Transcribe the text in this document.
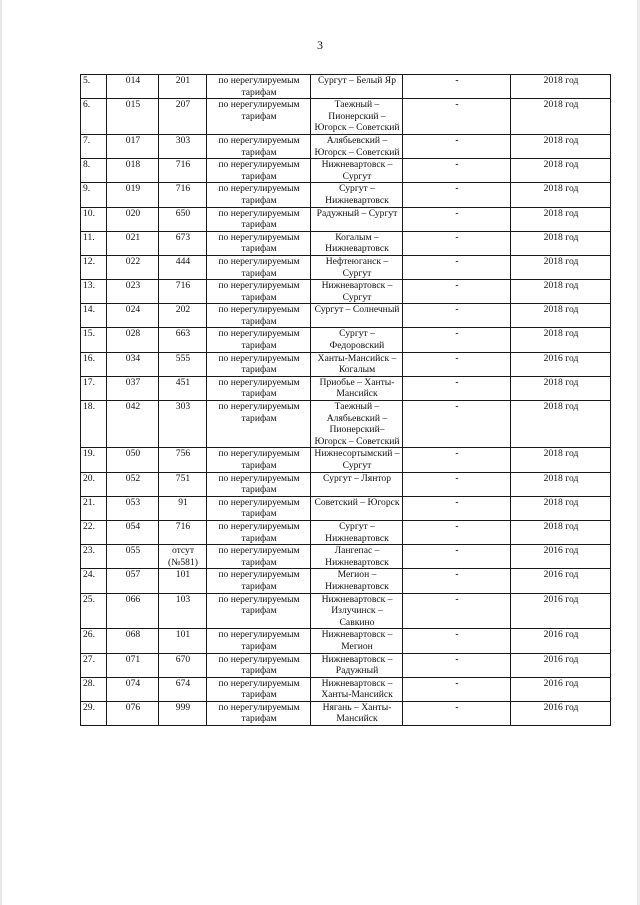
3
5.	014	201	по нерегулируемым тарифам	Сургут – Белый Яр	-	2018 год
6.	015	207	по нерегулируемым тарифам	Таежный – Пионерский – Югорск – Советский	-	2018 год
7.	017	303	по нерегулируемым тарифам	Алябьевский – Югорск – Советский	-	2018 год
8.	018	716	по нерегулируемым тарифам	Нижневартовск – Сургут	-	2018 год
9.	019	716	по нерегулируемым тарифам	Сургут – Нижневартовск	-	2018 год
10.	020	650	по нерегулируемым тарифам	Радужный – Сургут	-	2018 год
11.	021	673	по нерегулируемым тарифам	Когалым – Нижневартовск	-	2018 год
12.	022	444	по нерегулируемым тарифам	Нефтеюганск – Сургут	-	2018 год
13.	023	716	по нерегулируемым тарифам	Нижневартовск – Сургут	-	2018 год
14.	024	202	по нерегулируемым тарифам	Сургут – Солнечный	-	2018 год
15.	028	663	по нерегулируемым тарифам	Сургут – Федоровский	-	2018 год
16.	034	555	по нерегулируемым тарифам	Ханты-Мансийск – Когалым	-	2016 год
17.	037	451	по нерегулируемым тарифам	Приобье – Ханты-Мансийск	-	2018 год
18.	042	303	по нерегулируемым тарифам	Таежный – Алябьевский – Пионерский– Югорск – Советский	-	2018 год
19.	050	756	по нерегулируемым тарифам	Нижнесортымский – Сургут	-	2018 год
20.	052	751	по нерегулируемым тарифам	Сургут – Лянтор	-	2018 год
21.	053	91	по нерегулируемым тарифам	Советский – Югорск	-	2018 год
22.	054	716	по нерегулируемым тарифам	Сургут – Нижневартовск	-	2018 год
23.	055	отсут (№581)	по нерегулируемым тарифам	Лангепас – Нижневартовск	-	2016 год
24.	057	101	по нерегулируемым тарифам	Мегион – Нижневартовск	-	2016 год
25.	066	103	по нерегулируемым тарифам	Нижневартовск – Излучинск – Савкино	-	2016 год
26.	068	101	по нерегулируемым тарифам	Нижневартовск – Мегион	-	2016 год
27.	071	670	по нерегулируемым тарифам	Нижневартовск – Радужный	-	2016 год
28.	074	674	по нерегулируемым тарифам	Нижневартовск – Ханты-Мансийск	-	2016 год
29.	076	999	по нерегулируемым тарифам	Нягань – Ханты-Мансийск	-	2016 год
